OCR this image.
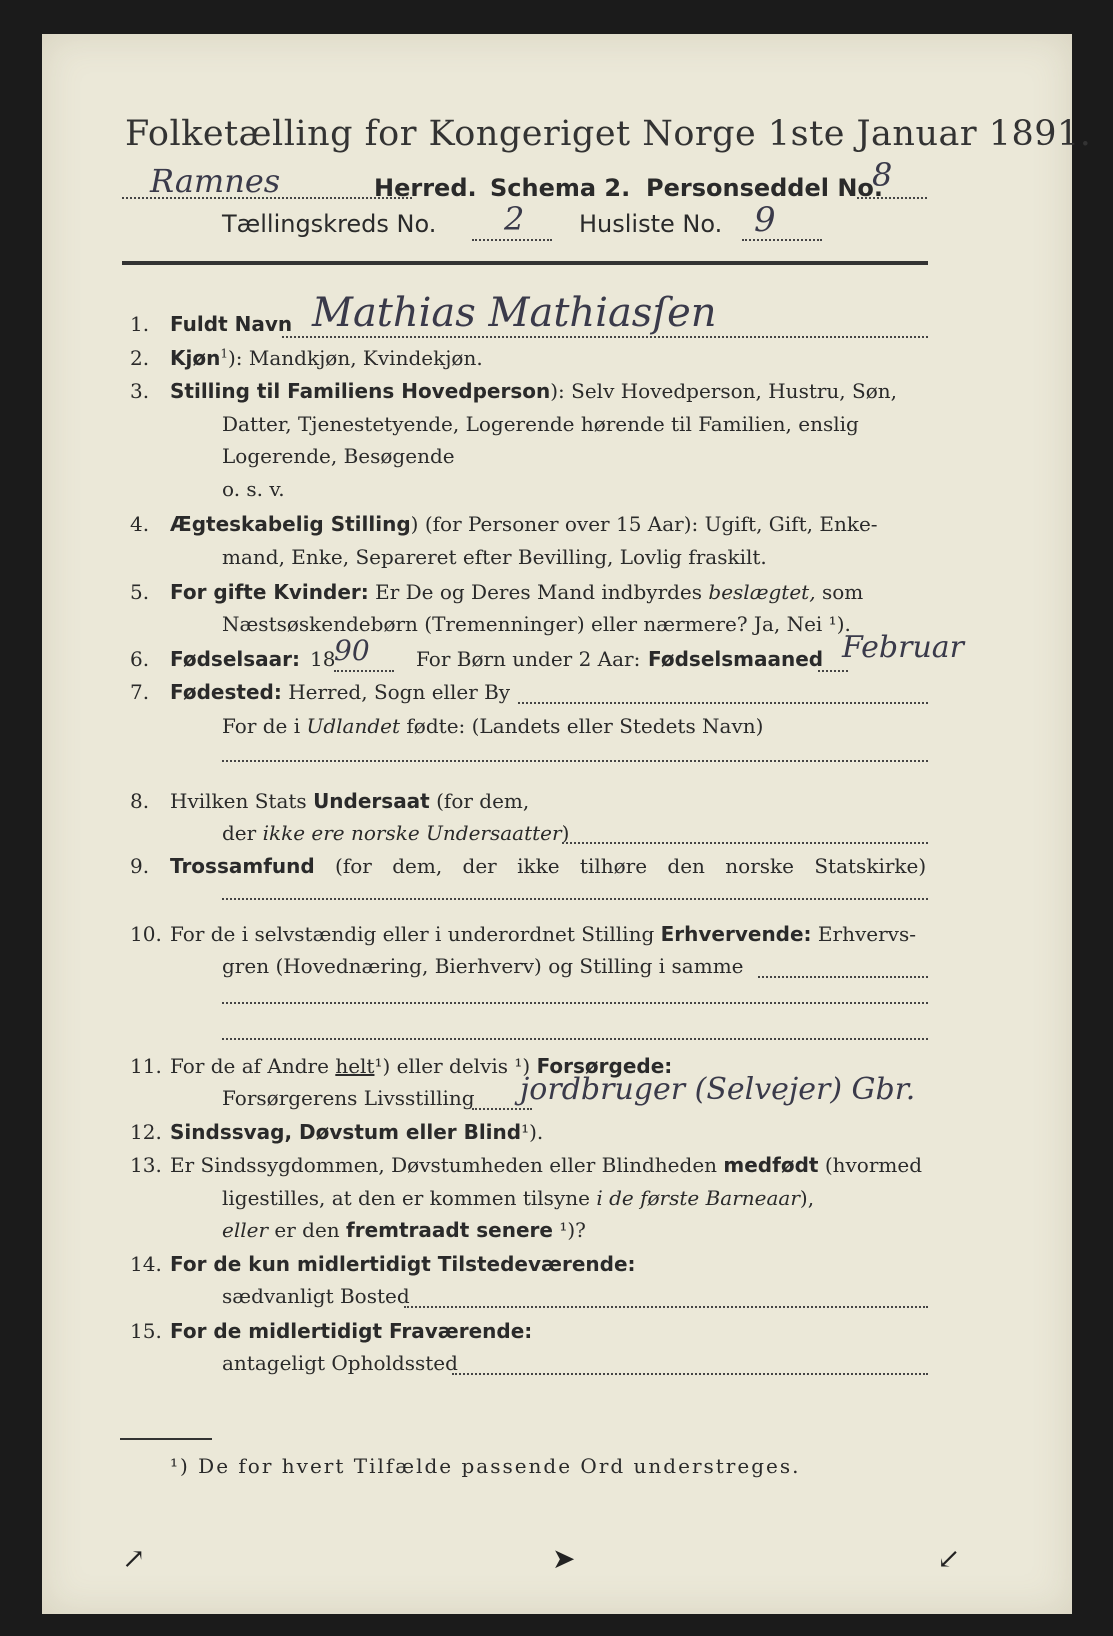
Folketælling for Kongeriget Norge 1ste Januar 1891.
Ramnes	Herred. Schema 2. Personseddel No.
8
Tællingskreds No. 2 Husliste No. 9
1. Fuldt Navn Mathias Mathiasſen
2. Kjøn$^1$): Mandkjøn, Kvindekjøn.
3. Stilling til Familiens Hovedperson): Selv Hovedperson, Hustru, Søn,
Datter, Tjenestetyende, Logerende hørende til Familien, enslig
Logerende, Besøgende
o. s. v.
4. Ægteskabelig Stilling) (for Personer over 15 Aar): Ugift, Gift, Enke-
mand, Enke, Separeret efter Bevilling, Lovlig fraskilt.
5. For gifte Kvinder: Er De og Deres Mand indbyrdes beslægtet, som
Næstsøskendebørn (Tremenninger) eller nærmere? Ja, Nei ¹).
6. Fødselsaar: 18
90 For Børn under 2 Aar: Fødselsmaaned Februar
7. Fødested: Herred, Sogn eller By
For de i Udlandet fødte: (Landets eller Stedets Navn)
8. Hvilken Stats Undersaat (for dem,
der ikke ere norske Undersaatter)
9. Trossamfund (for dem, der ikke tilhøre den norske Statskirke)
10. For de i selvstændig eller i underordnet Stilling Erhvervende: Erhvervs-
gren (Hovednæring, Bierhverv) og Stilling i samme
11. For de af Andre helt¹) eller delvis ¹) Forsørgede:
Forsørgerens Livsstilling jordbruger (Selvejer) Gbr.
12. Sindssvag, Døvstum eller Blind¹).
13. Er Sindssygdommen, Døvstumheden eller Blindheden medfødt (hvormed
ligestilles, at den er kommen tilsyne i de første Barneaar),
eller er den fremtraadt senere ¹)?
14. For de kun midlertidigt Tilstedeværende:
sædvanligt Bosted
15. For de midlertidigt Fraværende:
antageligt Opholdssted
¹) De for hvert Tilfælde passende Ord understreges.
↗	➤	↙
